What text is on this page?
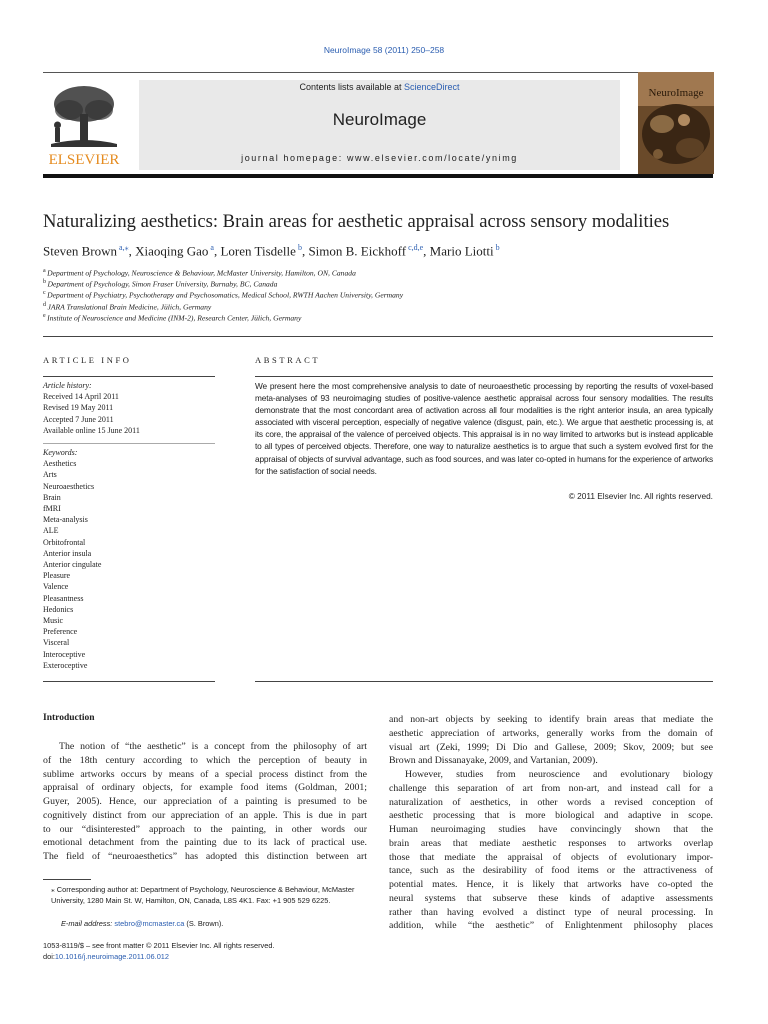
NeuroImage 58 (2011) 250–258
Contents lists available at ScienceDirect
NeuroImage
journal homepage: www.elsevier.com/locate/ynimg
ELSEVIER
NeuroImage
Naturalizing aesthetics: Brain areas for aesthetic appraisal across sensory modalities
Steven Brown $^{a,⁎}$, Xiaoqing Gao $^a$, Loren Tisdelle $^b$, Simon B. Eickhoff $^{c,d,e}$, Mario Liotti $^b$
$^a$ Department of Psychology, Neuroscience & Behaviour, McMaster University, Hamilton, ON, Canada
$^b$ Department of Psychology, Simon Fraser University, Burnaby, BC, Canada
$^c$ Department of Psychiatry, Psychotherapy and Psychosomatics, Medical School, RWTH Aachen University, Germany
$^d$ JARA Translational Brain Medicine, Jülich, Germany
$^e$ Institute of Neuroscience and Medicine (INM-2), Research Center, Jülich, Germany
ARTICLE INFO
Article history:
Received 14 April 2011
Revised 19 May 2011
Accepted 7 June 2011
Available online 15 June 2011
Keywords:
Aesthetics
Arts
Neuroaesthetics
Brain
fMRI
Meta-analysis
ALE
Orbitofrontal
Anterior insula
Anterior cingulate
Pleasure
Valence
Pleasantness
Hedonics
Music
Preference
Visceral
Interoceptive
Exteroceptive
ABSTRACT
We present here the most comprehensive analysis to date of neuroaesthetic processing by reporting the results of voxel-based meta-analyses of 93 neuroimaging studies of positive-valence aesthetic appraisal across four sensory modalities. The results demonstrate that the most concordant area of activation across all four modalities is the right anterior insula, an area typically associated with visceral perception, especially of negative valence (disgust, pain, etc.). We argue that aesthetic processing is, at its core, the appraisal of the valence of perceived objects. This appraisal is in no way limited to artworks but is instead applicable to all types of perceived objects. Therefore, one way to naturalize aesthetics is to argue that such a system evolved first for the appraisal of objects of survival advantage, such as food sources, and was later co-opted in humans for the experience of artworks for the satisfaction of social needs.
© 2011 Elsevier Inc. All rights reserved.
Introduction
The notion of “the aesthetic” is a concept from the philosophy of art
of the 18th century according to which the perception of beauty in
sublime artworks occurs by means of a special process distinct from the
appraisal of ordinary objects, for example food items (Goldman, 2001;
Guyer, 2005). Hence, our appreciation of a painting is presumed to be
cognitively distinct from our appreciation of an apple. This is due in part
to our “disinterested” approach to the painting, in other words our
emotional detachment from the painting due to its lack of practical use.
The field of “neuroaesthetics” has adopted this distinction between art
and non-art objects by seeking to identify brain areas that mediate the
aesthetic appreciation of artworks, generally works from the domain of
visual art (Zeki, 1999; Di Dio and Gallese, 2009; Skov, 2009; but see
Brown and Dissanayake, 2009, and Vartanian, 2009).
However, studies from neuroscience and evolutionary biology
challenge this separation of art from non-art, and instead call for a
naturalization of aesthetics, in other words a revised conception of
aesthetic processing that is more biological and adaptive in scope.
Human neuroimaging studies have convincingly shown that the
brain areas that mediate aesthetic responses to artworks overlap
those that mediate the appraisal of objects of evolutionary impor-
tance, such as the desirability of food items or the attractiveness of
potential mates. Hence, it is likely that artworks have co-opted the
neural systems that subserve these kinds of adaptive assessments
rather than having evolved a distinct type of neural processing. In
addition, while “the aesthetic” of Enlightenment philosophy places
⁎ Corresponding author at: Department of Psychology, Neuroscience & Behaviour, McMaster University, 1280 Main St. W, Hamilton, ON, Canada, L8S 4K1. Fax: +1 905 529 6225.
E-mail address: stebro@mcmaster.ca (S. Brown).
1053-8119/$ – see front matter © 2011 Elsevier Inc. All rights reserved.
doi:10.1016/j.neuroimage.2011.06.012
